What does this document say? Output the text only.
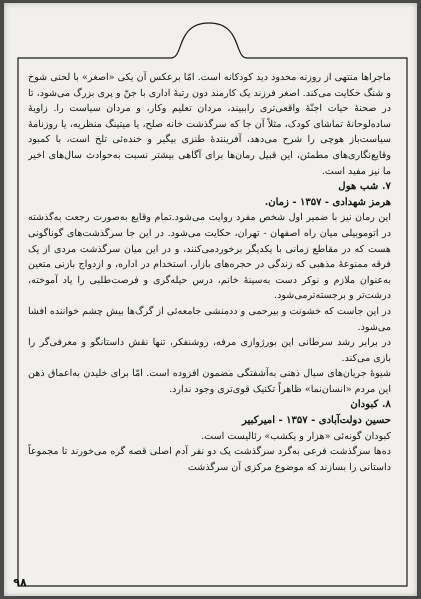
ماجراها منتهی از روزنه محدود دید کودکانه است. امّا برعکس آن یکی «اصغر» با لحنی شوخ و شنگ حکایت می‌کند. اصغر فرزند یک کارمند دون رتبهٔ اداری با جنّ و پری بزرگ می‌شود، تا در صحنهٔ حیات اجنّهٔ واقعی‌تری را‌ببیند، مردان تعلیم وکار، و مردان سیاست را. زاویهٔ ساده‌لوحانهٔ تماشای کودک، مثلاً آن جا که سرگذشت خانه صلح، یا میتینگ منظریه، یا روزنامهٔ سیاست‌باز هوچی را شرح می‌دهد، آفرینندهٔ طنزی بیگیر و خنده‌ئی تلخ است، با کمبود وقایع‌نگاری‌های مطمئن، این قبیل رمان‌ها برای آگاهی بیشتر نسبت به‌حوادث سال‌های اخیر ما نیز مفید است.

۷. شب هول

هرمز شهدادی - ۱۳۵۷ - زمان.

این رمان نیز با ضمیر اول شخص مفرد روایت می‌شود.تمام وقایع به‌صورت رجعت به‌گذشته در اتوموبیلی میان راه اصفهان - تهران، حکایت می‌شود. در این جا سرگذشت‌های گوناگونی هست که در مقاطع زمانی با یکدیگر برخورد‌می‌کنند، و در این میان سرگذشت مردی از یک فرقه ممنوعهٔ مذهبی که زندگی در حجره‌های بازار، استخدام در اداره، و ازدواج بازنی متعین به‌عنوان ملازم و نوکر دست به‌سینهٔ خانم، درس حیله‌گری و فرصت‌طلبی را یاد آموخته، درشت‌تر و برجسته‌تر‌می‌شود.

در این جاست که خشونت و بیرحمی و ددمنشی جامعه‌ئی از گرگ‌ها بیش چشم خواننده افشا می‌شود.

در برابر رشد سرطانی این بورژوازی مرفه، روشنفکر، تنها نقش داستانگو و معرفی‌گر را بازی می‌کند.

شیوهٔ جریان‌های سیال ذهنی به‌آشفتگی مضمون افزوده است. امّا برای خلیدن به‌اعماق ذهن این مردم «انسان‌نما» ظاهراً تکنیک قوی‌تری وجود ندارد.

۸. کبودان

حسین دولت‌آبادی - ۱۳۵۷ - امیرکبیر

کبودان گونه‌ئی «هزار و یکشب» رئالیست است.

ده‌ها سرگذشت فرعی به‌گرد سرگذشت یک دو نفر آدم اصلی قصه گره می‌خورند تا مجموعاً داستانی را بسازند که موضوع مرکزی آن سرگذشت

۹۸
